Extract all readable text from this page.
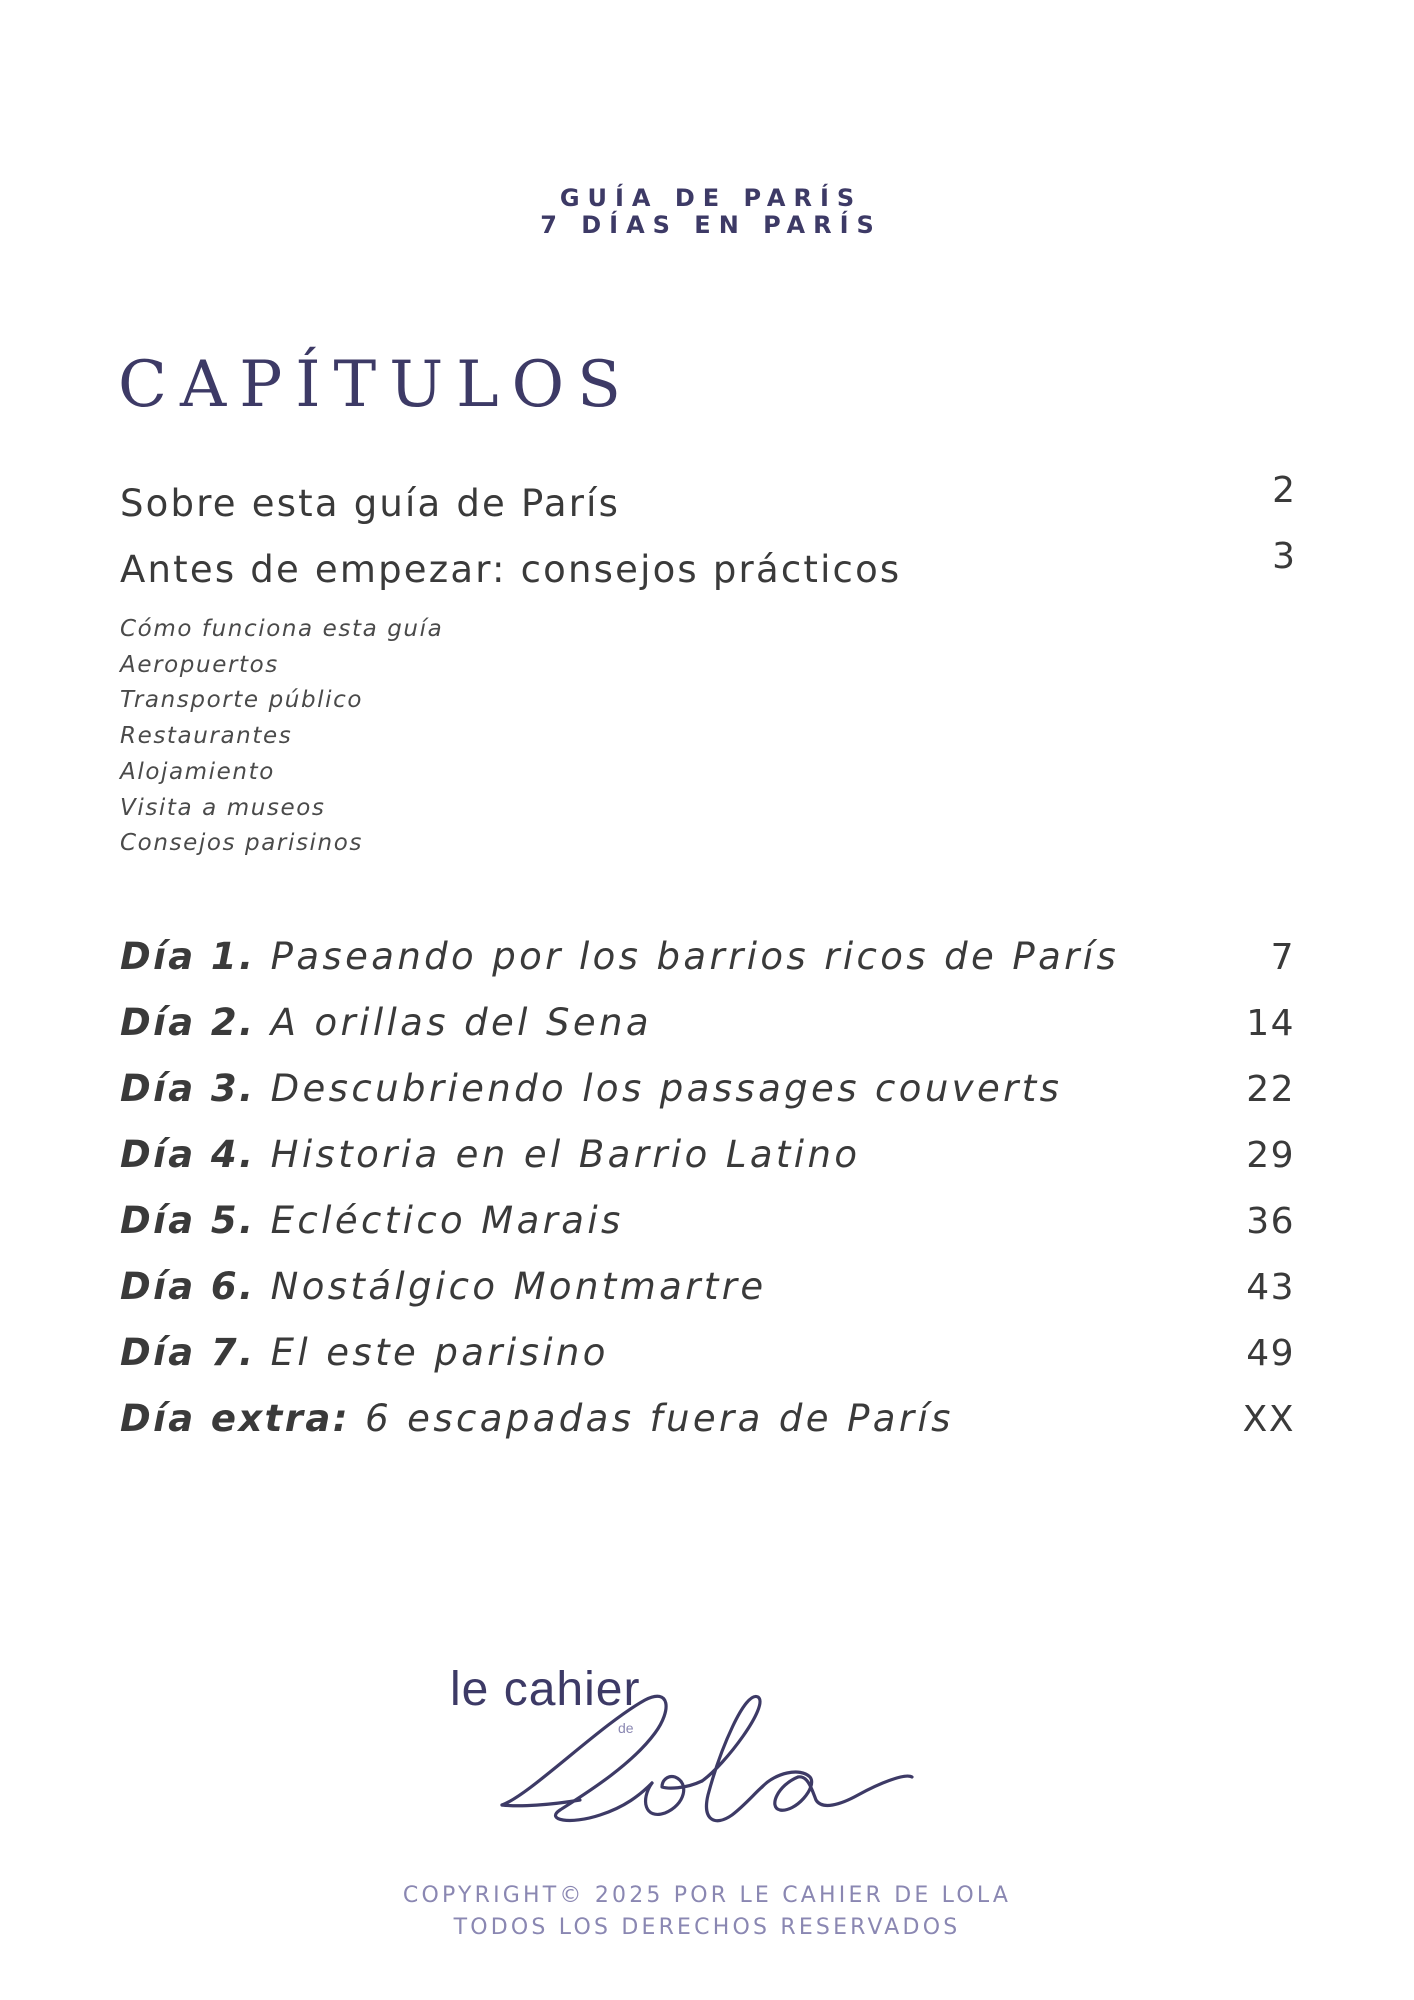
GUÍA DE PARÍS
7 DÍAS EN PARÍS
CAPÍTULOS
Sobre esta guía de París	2
Antes de empezar: consejos prácticos	3
Cómo funciona esta guía
Aeropuertos
Transporte público
Restaurantes
Alojamiento
Visita a museos
Consejos parisinos
Día 1. Paseando por los barrios ricos de París	7
Día 2. A orillas del Sena	14
Día 3. Descubriendo los passages couverts	22
Día 4. Historia en el Barrio Latino	29
Día 5. Ecléctico Marais	36
Día 6. Nostálgico Montmartre	43
Día 7. El este parisino	49
Día extra: 6 escapadas fuera de París	XX
le cahier
de
COPYRIGHT© 2025 POR LE CAHIER DE LOLA
TODOS LOS DERECHOS RESERVADOS
